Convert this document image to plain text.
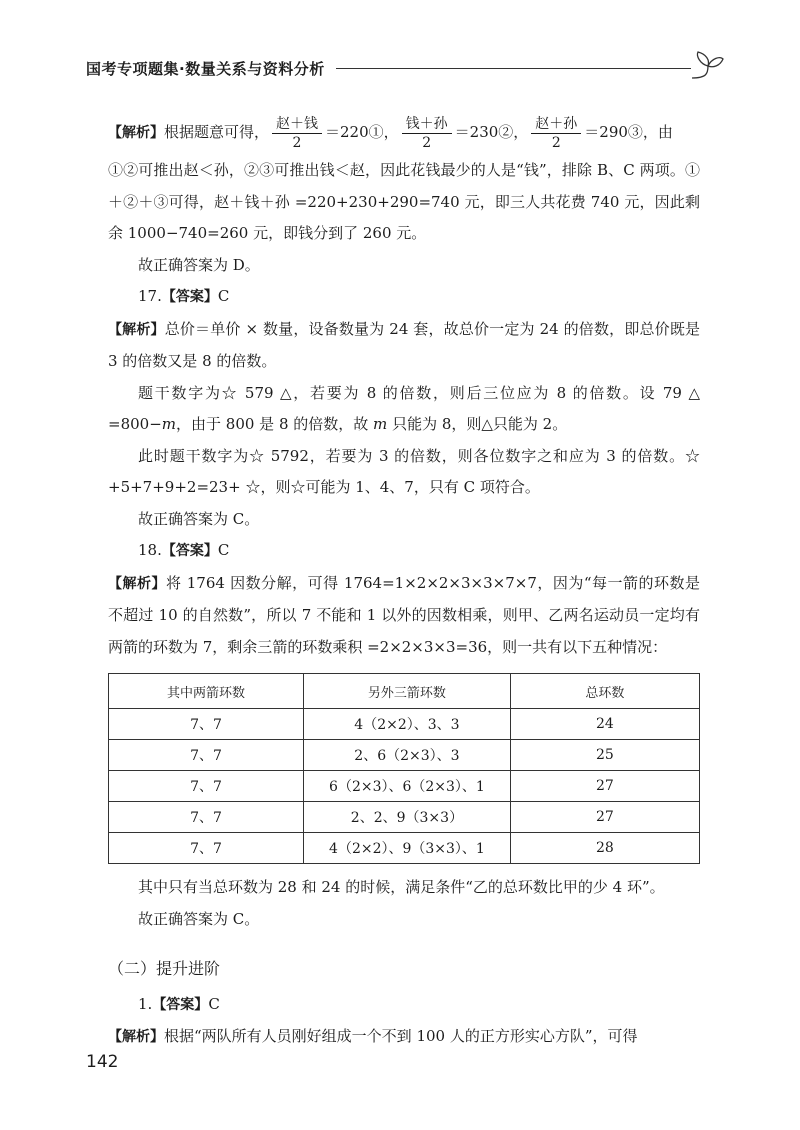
国考专项题集·数量关系与资料分析

【解析】根据题意可得， $\frac{\text{赵＋钱}}{2}$ ＝220①， $\frac{\text{钱＋孙}}{2}$ ＝230②， $\frac{\text{赵＋孙}}{2}$ ＝290③，由

①②可推出赵＜孙，②③可推出钱＜赵，因此花钱最少的人是“钱”，排除 B、C 两项。①＋②＋③可得，赵＋钱＋孙 =220+230+290=740 元，即三人共花费 740 元，因此剩余 1000−740=260 元，即钱分到了 260 元。

故正确答案为 D。

17.【答案】C

【解析】总价＝单价 × 数量，设备数量为 24 套，故总价一定为 24 的倍数，即总价既是 3 的倍数又是 8 的倍数。

题干数字为☆ 579 △，若要为 8 的倍数，则后三位应为 8 的倍数。设 79 △ =800−m，由于 800 是 8 的倍数，故 m 只能为 8，则△只能为 2。

此时题干数字为☆ 5792，若要为 3 的倍数，则各位数字之和应为 3 的倍数。☆ +5+7+9+2=23+ ☆，则☆可能为 1、4、7，只有 C 项符合。

故正确答案为 C。

18.【答案】C

【解析】将 1764 因数分解，可得 1764=1×2×2×3×3×7×7，因为“每一箭的环数是不超过 10 的自然数”，所以 7 不能和 1 以外的因数相乘，则甲、乙两名运动员一定均有两箭的环数为 7，剩余三箭的环数乘积 =2×2×3×3=36，则一共有以下五种情况：

其中两箭环数	另外三箭环数	总环数
7、7	4（2×2）、3、3	24
7、7	2、6（2×3）、3	25
7、7	6（2×3）、6（2×3）、1	27
7、7	2、2、9（3×3）	27
7、7	4（2×2）、9（3×3）、1	28

其中只有当总环数为 28 和 24 的时候，满足条件“乙的总环数比甲的少 4 环”。

故正确答案为 C。

（二）提升进阶

1.【答案】C

【解析】根据“两队所有人员刚好组成一个不到 100 人的正方形实心方队”，可得

142
